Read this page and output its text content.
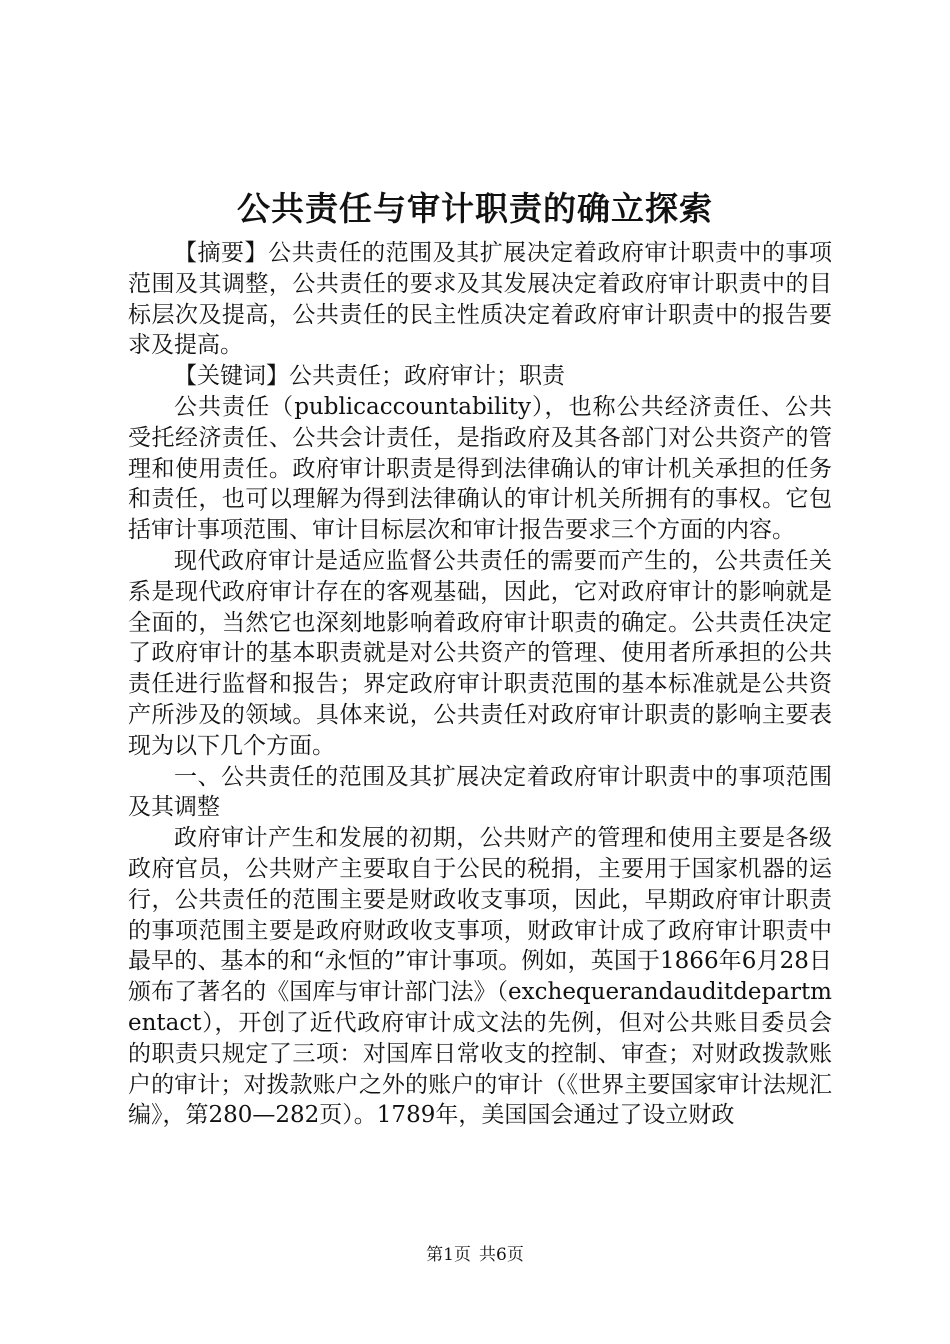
公共责任与审计职责的确立探索

【摘要】公共责任的范围及其扩展决定着政府审计职责中的事项范围及其调整，公共责任的要求及其发展决定着政府审计职责中的目标层次及提高，公共责任的民主性质决定着政府审计职责中的报告要求及提高。

【关键词】公共责任；政府审计；职责

公共责任（publicaccountability），也称公共经济责任、公共受托经济责任、公共会计责任，是指政府及其各部门对公共资产的管理和使用责任。政府审计职责是得到法律确认的审计机关承担的任务和责任，也可以理解为得到法律确认的审计机关所拥有的事权。它包括审计事项范围、审计目标层次和审计报告要求三个方面的内容。

现代政府审计是适应监督公共责任的需要而产生的，公共责任关系是现代政府审计存在的客观基础，因此，它对政府审计的影响就是全面的，当然它也深刻地影响着政府审计职责的确定。公共责任决定了政府审计的基本职责就是对公共资产的管理、使用者所承担的公共责任进行监督和报告；界定政府审计职责范围的基本标准就是公共资产所涉及的领域。具体来说，公共责任对政府审计职责的影响主要表现为以下几个方面。

一、公共责任的范围及其扩展决定着政府审计职责中的事项范围及其调整

政府审计产生和发展的初期，公共财产的管理和使用主要是各级政府官员，公共财产主要取自于公民的税捐，主要用于国家机器的运行，公共责任的范围主要是财政收支事项，因此，早期政府审计职责的事项范围主要是政府财政收支事项，财政审计成了政府审计职责中最早的、基本的和“永恒的”审计事项。例如，英国于1866年6月28日颁布了著名的《国库与审计部门法》（exchequerandauditdepartmentact），开创了近代政府审计成文法的先例，但对公共账目委员会的职责只规定了三项：对国库日常收支的控制、审查；对财政拨款账户的审计；对拨款账户之外的账户的审计（《世界主要国家审计法规汇编》，第280—282页）。1789年，美国国会通过了设立财政

第1页 共6页
